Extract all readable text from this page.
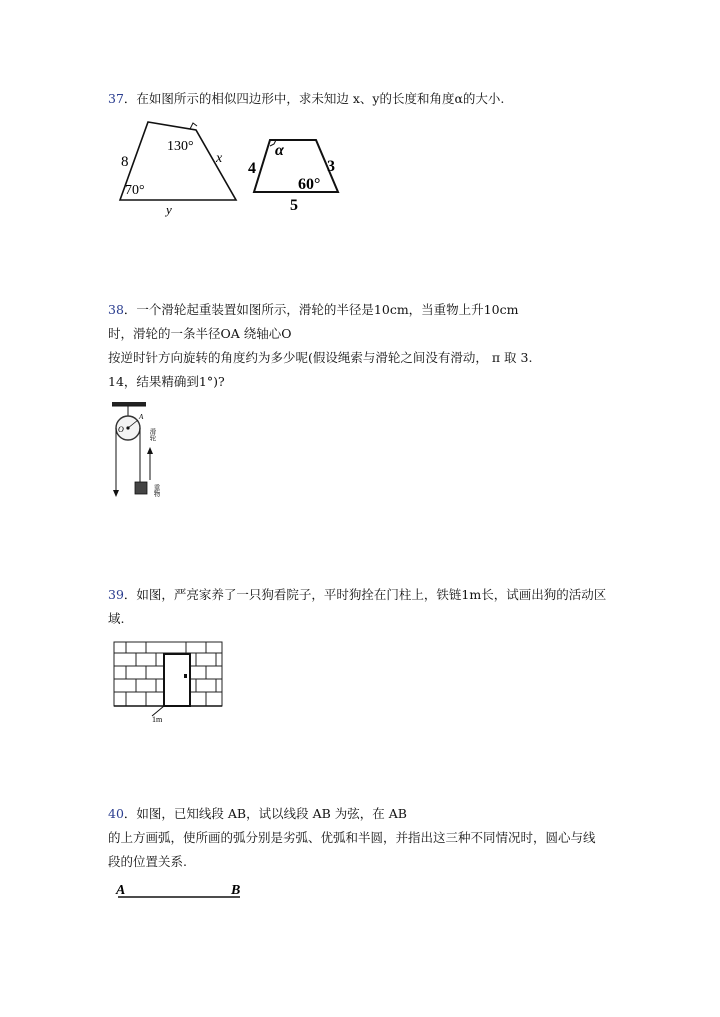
37．在如图所示的相似四边形中，求未知边 x、y的长度和角度α的大小.
8
130°
x
70°
y
α
4	3
60°
5
38．一个滑轮起重装置如图所示，滑轮的半径是10cm，当重物上升10cm
时，滑轮的一条半径OA 绕轴心O
按逆时针方向旋转的角度约为多少呢(假设绳索与滑轮之间没有滑动， π 取 3.
14，结果精确到1°)?
O
A
滑轮
重物
39．如图，严亮家养了一只狗看院子，平时狗拴在门柱上，铁链1m长，试画出狗的活动区
域.
1m
40．如图，已知线段 AB，试以线段 AB 为弦，在 AB
的上方画弧，使所画的弧分别是劣弧、优弧和半圆，并指出这三种不同情况时，圆心与线
段的位置关系.
A	B
